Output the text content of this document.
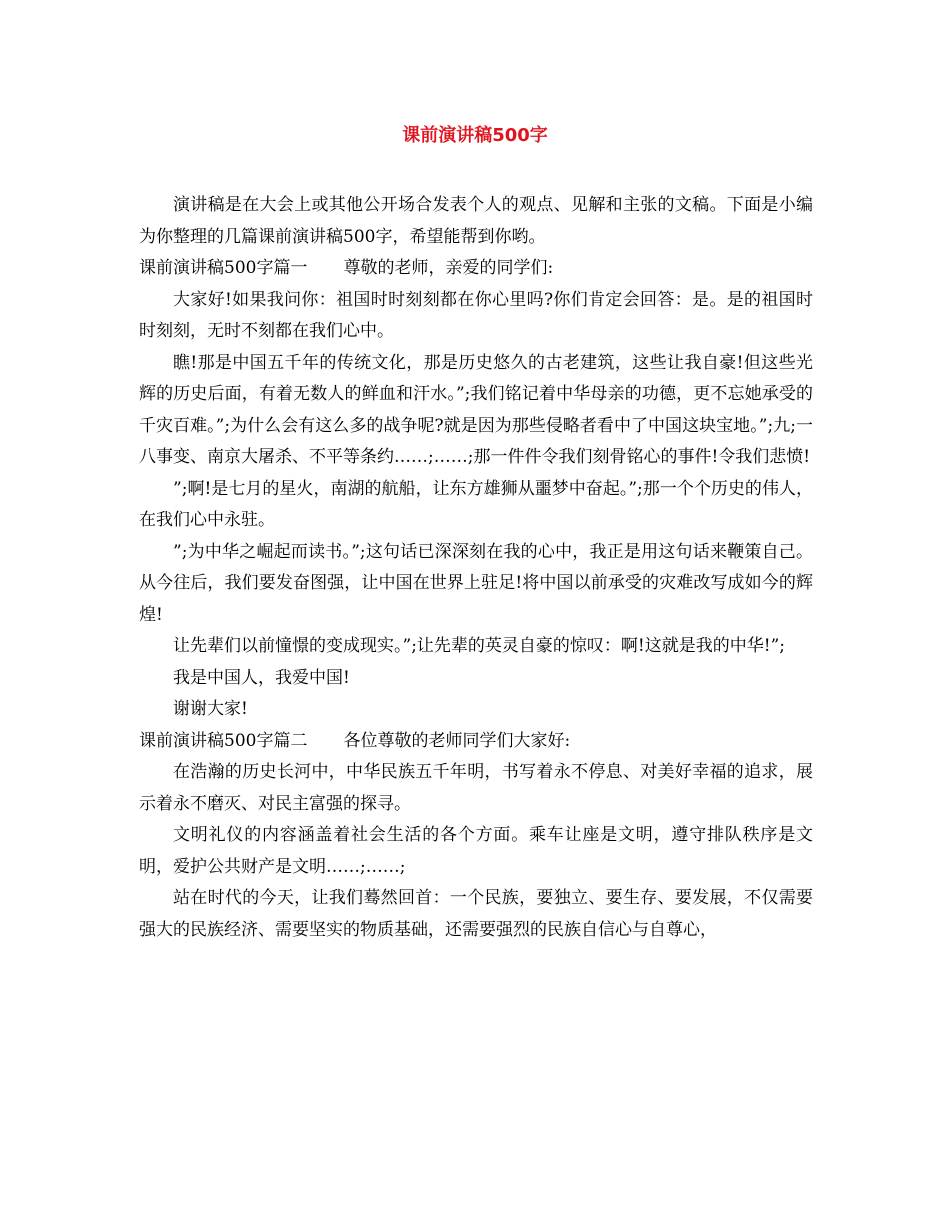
课前演讲稿500字

演讲稿是在大会上或其他公开场合发表个人的观点、见解和主张的文稿。下面是小编为你整理的几篇课前演讲稿500字，希望能帮到你哟。

课前演讲稿500字篇一 尊敬的老师，亲爱的同学们:

大家好!如果我问你：祖国时时刻刻都在你心里吗?你们肯定会回答：是。是的祖国时时刻刻，无时不刻都在我们心中。

瞧!那是中国五千年的传统文化，那是历史悠久的古老建筑，这些让我自豪!但这些光辉的历史后面，有着无数人的鲜血和汗水。”;我们铭记着中华母亲的功德，更不忘她承受的千灾百难。”;为什么会有这么多的战争呢?就是因为那些侵略者看中了中国这块宝地。”;九;一八事变、南京大屠杀、不平等条约……;……;那一件件令我们刻骨铭心的事件!令我们悲愤!

”;啊!是七月的星火，南湖的航船，让东方雄狮从噩梦中奋起。”;那一个个历史的伟人，在我们心中永驻。

”;为中华之崛起而读书。”;这句话已深深刻在我的心中，我正是用这句话来鞭策自己。从今往后，我们要发奋图强，让中国在世界上驻足!将中国以前承受的灾难改写成如今的辉煌!

让先辈们以前憧憬的变成现实。”;让先辈的英灵自豪的惊叹：啊!这就是我的中华!”;

我是中国人，我爱中国!

谢谢大家!

课前演讲稿500字篇二 各位尊敬的老师同学们大家好:

在浩瀚的历史长河中，中华民族五千年明，书写着永不停息、对美好幸福的追求，展示着永不磨灭、对民主富强的探寻。

文明礼仪的内容涵盖着社会生活的各个方面。乘车让座是文明，遵守排队秩序是文明，爱护公共财产是文明……;……;

站在时代的今天，让我们蓦然回首：一个民族，要独立、要生存、要发展，不仅需要强大的民族经济、需要坚实的物质基础，还需要强烈的民族自信心与自尊心，
